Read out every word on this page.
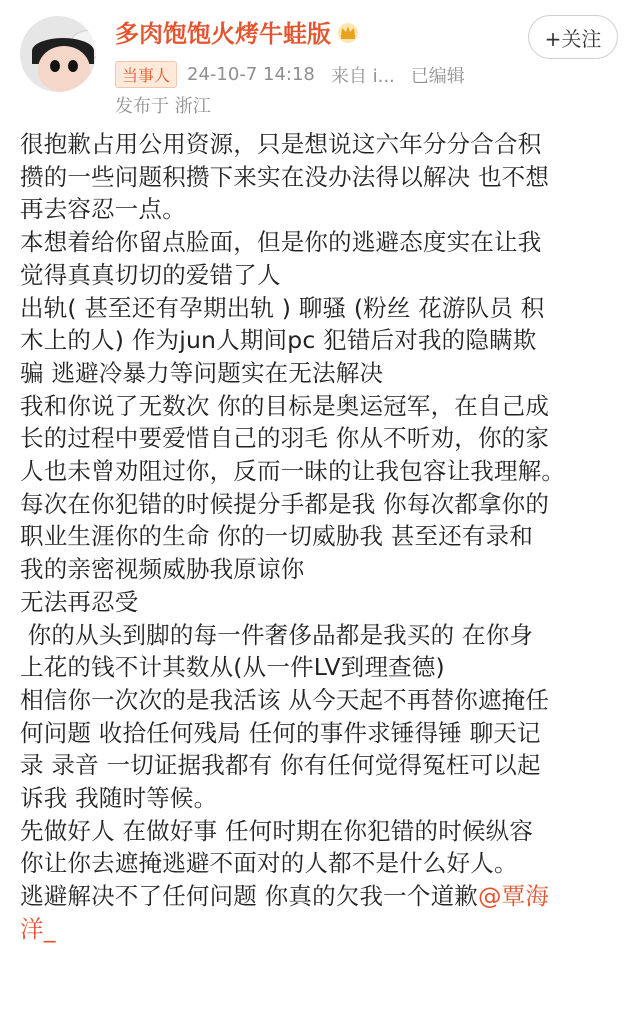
多肉饱饱火烤牛蛙版	+关注
当事人 24-10-7 14:18 来自 i... 已编辑
发布于 浙江
很抱歉占用公用资源，只是想说这六年分分合合积
攒的一些问题积攒下来实在没办法得以解决 也不想
再去容忍一点。
本想着给你留点脸面，但是你的逃避态度实在让我
觉得真真切切的爱错了人
出轨( 甚至还有孕期出轨 ) 聊骚 (粉丝 花游队员 积
木上的人) 作为jun人期间pc 犯错后对我的隐瞒欺
骗 逃避冷暴力等问题实在无法解决
我和你说了无数次 你的目标是奥运冠军，在自己成
长的过程中要爱惜自己的羽毛 你从不听劝，你的家
人也未曾劝阻过你，反而一昧的让我包容让我理解。
每次在你犯错的时候提分手都是我 你每次都拿你的
职业生涯你的生命 你的一切威胁我 甚至还有录和
我的亲密视频威胁我原谅你
无法再忍受
你的从头到脚的每一件奢侈品都是我买的 在你身
上花的钱不计其数从(从一件LV到理查德)
相信你一次次的是我活该 从今天起不再替你遮掩任
何问题 收拾任何残局 任何的事件求锤得锤 聊天记
录 录音 一切证据我都有 你有任何觉得冤枉可以起
诉我 我随时等候。
先做好人 在做好事 任何时期在你犯错的时候纵容
你让你去遮掩逃避不面对的人都不是什么好人。
逃避解决不了任何问题 你真的欠我一个道歉@覃海
洋_
